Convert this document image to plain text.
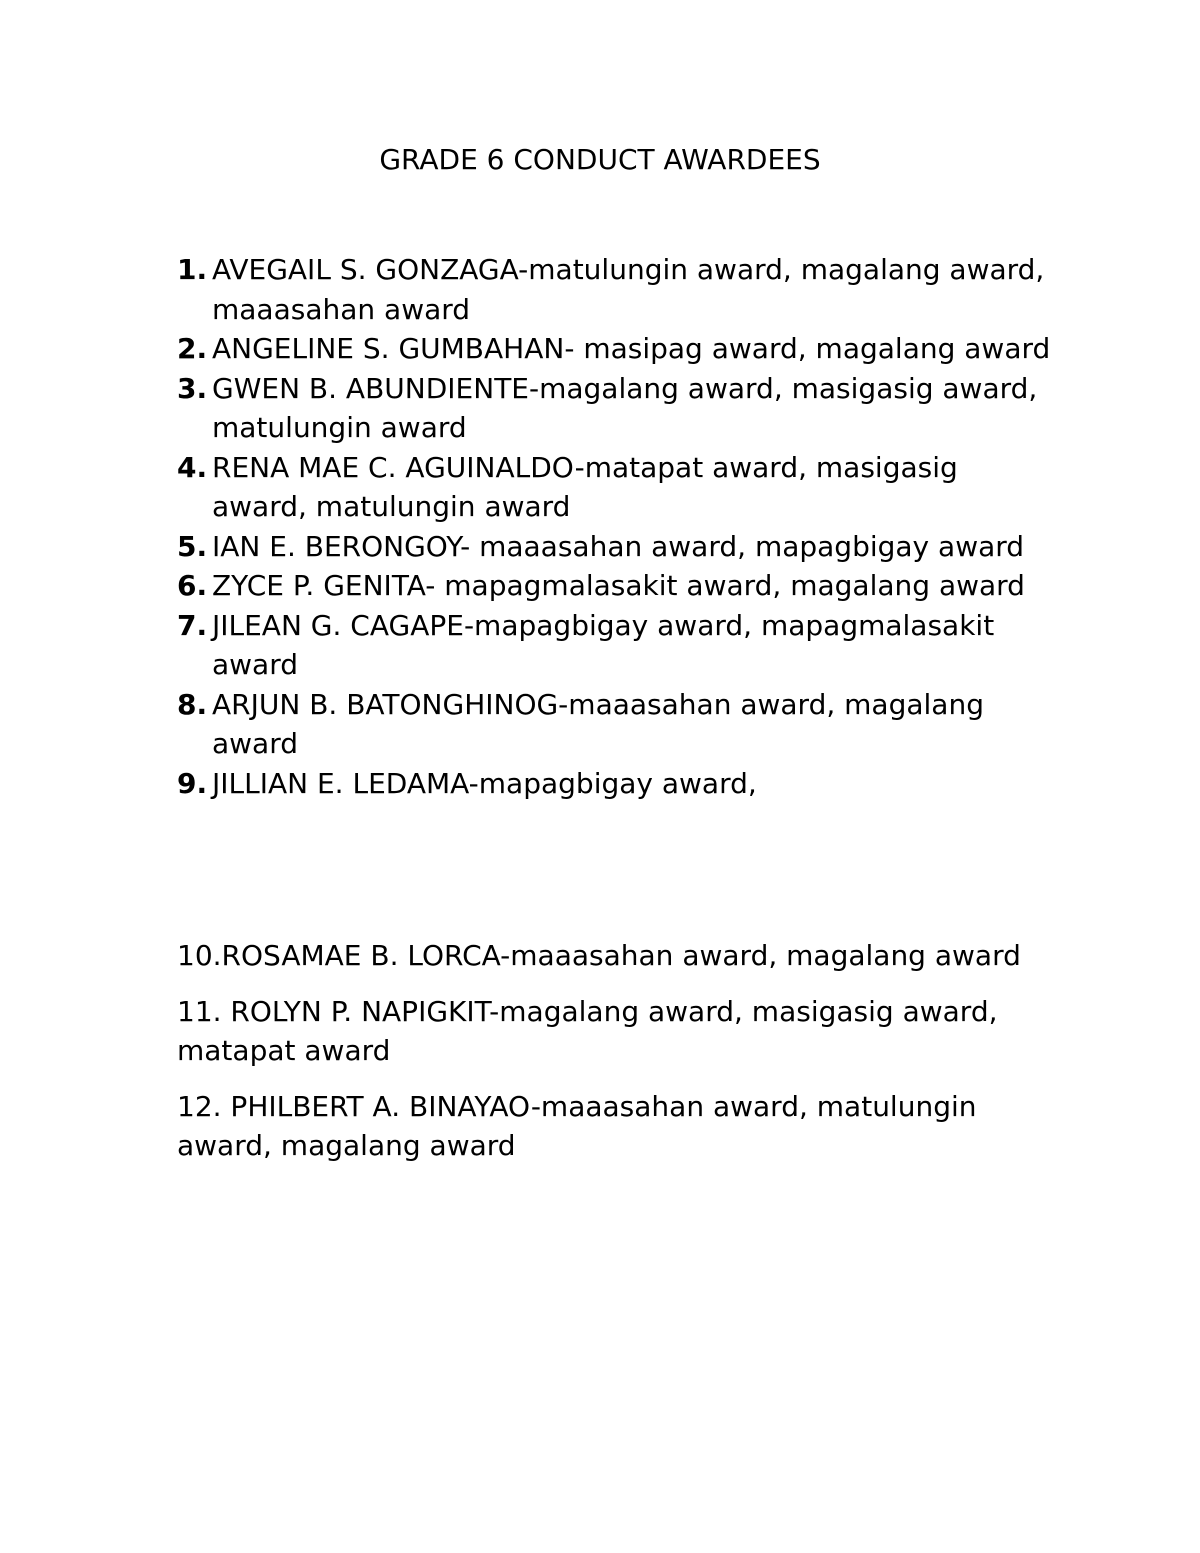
GRADE 6 CONDUCT AWARDEES
1. AVEGAIL S. GONZAGA-matulungin award, magalang award, maaasahan award
2. ANGELINE S. GUMBAHAN- masipag award, magalang award
3. GWEN B. ABUNDIENTE-magalang award, masigasig award, matulungin award
4. RENA MAE C. AGUINALDO-matapat award, masigasig award, matulungin award
5. IAN E. BERONGOY- maaasahan award, mapagbigay award
6. ZYCE P. GENITA- mapagmalasakit award, magalang award
7. JILEAN G. CAGAPE-mapagbigay award, mapagmalasakit award
8. ARJUN B. BATONGHINOG-maaasahan award, magalang award
9. JILLIAN E. LEDAMA-mapagbigay award,
10.ROSAMAE B. LORCA-maaasahan award, magalang award
11. ROLYN P. NAPIGKIT-magalang award, masigasig award, matapat award
12. PHILBERT A. BINAYAO-maaasahan award, matulungin award, magalang award
